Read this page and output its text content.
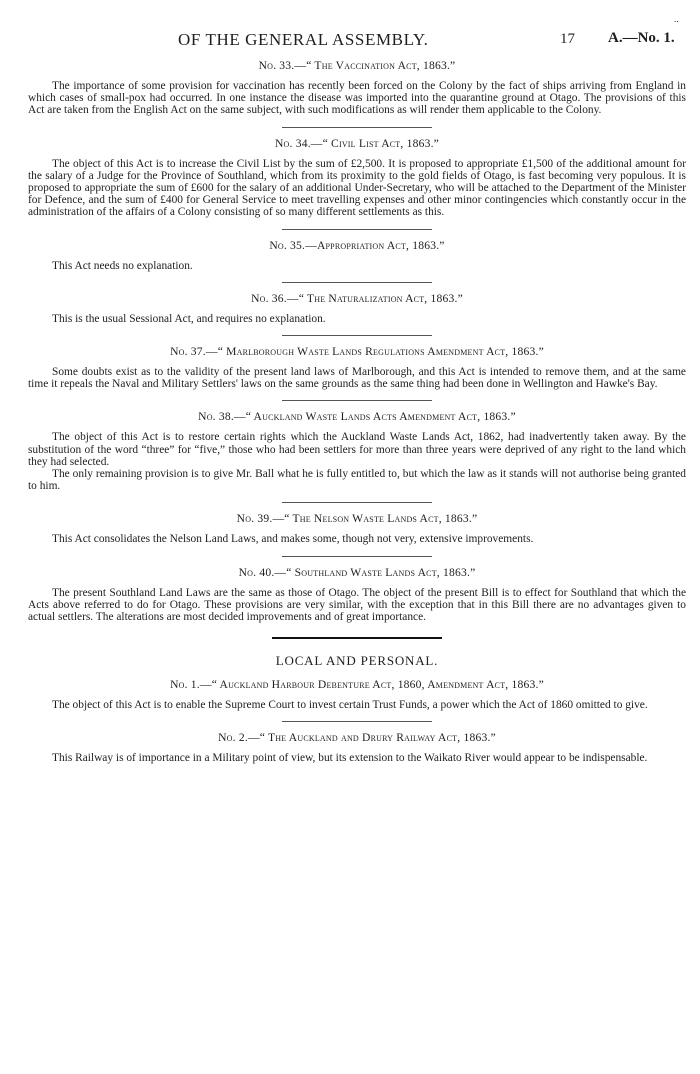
..
OF THE GENERAL ASSEMBLY.	17 A.—No. 1.
No. 33.—“ The Vaccination Act, 1863.”

The importance of some provision for vaccination has recently been forced on the Colony by the fact of ships arriving from England in which cases of small-pox had occurred. In one instance the disease was imported into the quarantine ground at Otago. The provisions of this Act are taken from the English Act on the same subject, with such modifications as will render them applicable to the Colony.

No. 34.—“ Civil List Act, 1863.”

The object of this Act is to increase the Civil List by the sum of £2,500. It is proposed to appropriate £1,500 of the additional amount for the salary of a Judge for the Province of Southland, which from its proximity to the gold fields of Otago, is fast becoming very populous. It is proposed to appropriate the sum of £600 for the salary of an additional Under-Secretary, who will be attached to the Department of the Minister for Defence, and the sum of £400 for General Service to meet travelling expenses and other minor contingencies which constantly occur in the administration of the affairs of a Colony consisting of so many different settlements as this.

No. 35.—Appropriation Act, 1863.”

This Act needs no explanation.

No. 36.—“ The Naturalization Act, 1863.”

This is the usual Sessional Act, and requires no explanation.

No. 37.—“ Marlborough Waste Lands Regulations Amendment Act, 1863.”

Some doubts exist as to the validity of the present land laws of Marlborough, and this Act is intended to remove them, and at the same time it repeals the Naval and Military Settlers' laws on the same grounds as the same thing had been done in Wellington and Hawke's Bay.

No. 38.—“ Auckland Waste Lands Acts Amendment Act, 1863.”

The object of this Act is to restore certain rights which the Auckland Waste Lands Act, 1862, had inadvertently taken away. By the substitution of the word “three” for “five,” those who had been settlers for more than three years were deprived of any right to the land which they had selected.

The only remaining provision is to give Mr. Ball what he is fully entitled to, but which the law as it stands will not authorise being granted to him.

No. 39.—“ The Nelson Waste Lands Act, 1863.”

This Act consolidates the Nelson Land Laws, and makes some, though not very, extensive improvements.

No. 40.—“ Southland Waste Lands Act, 1863.”

The present Southland Land Laws are the same as those of Otago. The object of the present Bill is to effect for Southland that which the Acts above referred to do for Otago. These provisions are very similar, with the exception that in this Bill there are no advantages given to actual settlers. The alterations are most decided improvements and of great importance.

LOCAL AND PERSONAL.
No. 1.—“ Auckland Harbour Debenture Act, 1860, Amendment Act, 1863.”

The object of this Act is to enable the Supreme Court to invest certain Trust Funds, a power which the Act of 1860 omitted to give.

No. 2.—“ The Auckland and Drury Railway Act, 1863.”

This Railway is of importance in a Military point of view, but its extension to the Waikato River would appear to be indispensable.
